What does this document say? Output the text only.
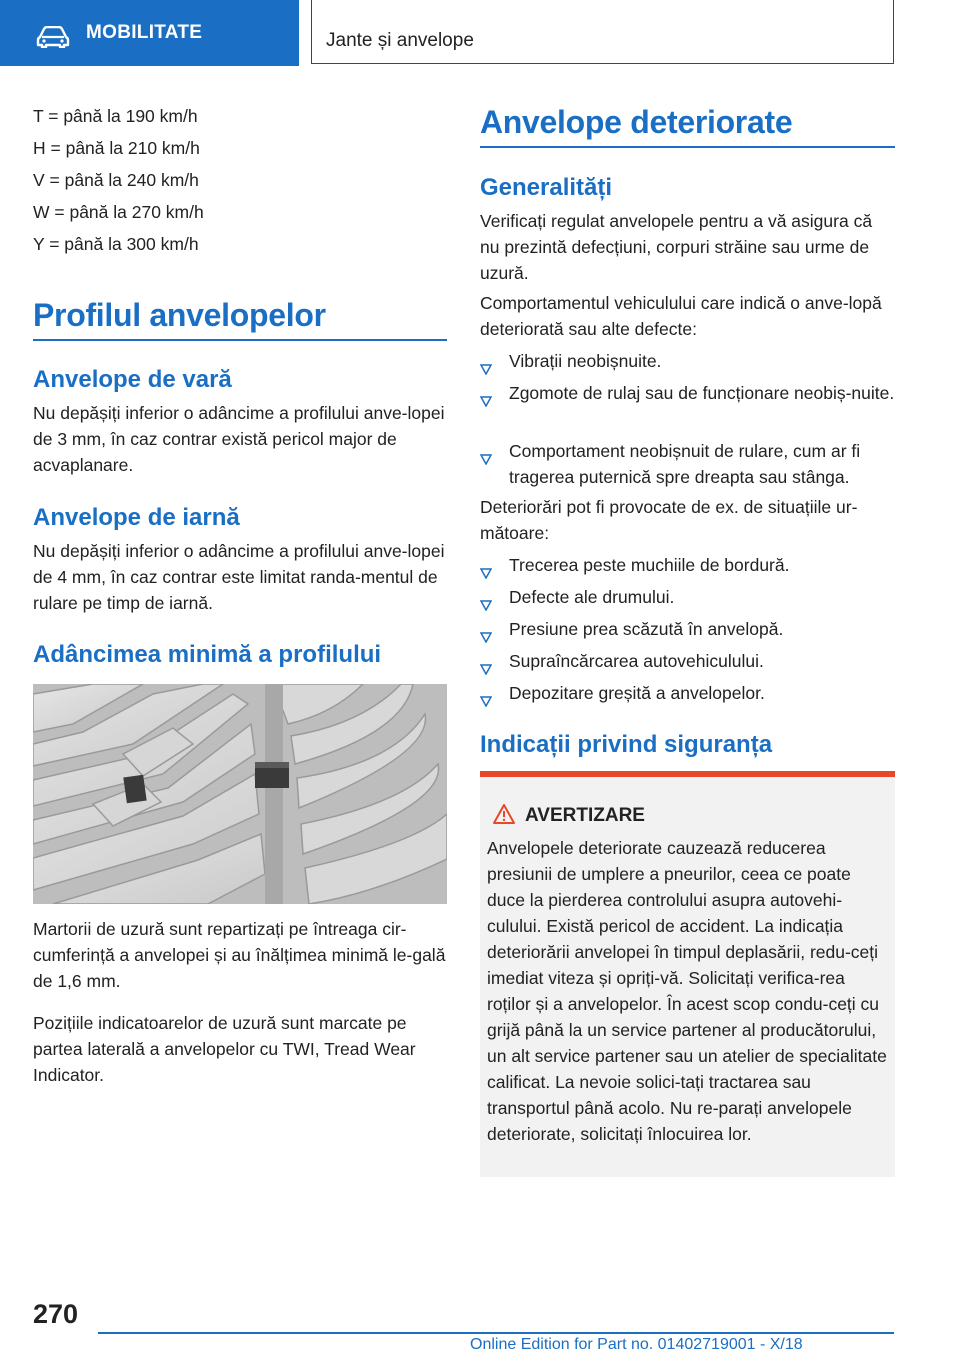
MOBILITATE	Jante și anvelope
T = până la 190 km/h
H = până la 210 km/h
V = până la 240 km/h
W = până la 270 km/h
Y = până la 300 km/h
Profilul anvelopelor
Anvelope de vară

Nu depășiți inferior o adâncime a profilului anve-lopei de 3 mm, în caz contrar există pericol major de acvaplanare.

Anvelope de iarnă

Nu depășiți inferior o adâncime a profilului anve-lopei de 4 mm, în caz contrar este limitat randa-mentul de rulare pe timp de iarnă.

Adâncimea minimă a profilului

Martorii de uzură sunt repartizați pe întreaga cir-cumferință a anvelopei și au înălțimea minimă le-gală de 1,6 mm.

Pozițiile indicatoarelor de uzură sunt marcate pe partea laterală a anvelopelor cu TWI, Tread Wear Indicator.

Anvelope deteriorate
Generalități

Verificați regulat anvelopele pentru a vă asigura că nu prezintă defecțiuni, corpuri străine sau urme de uzură.

Comportamentul vehiculului care indică o anve-lopă deteriorată sau alte defecte:

Vibrații neobișnuite.
Zgomote de rulaj sau de funcționare neobiș-nuite.
Comportament neobișnuit de rulare, cum ar fi tragerea puternică spre dreapta sau stânga.

Deteriorări pot fi provocate de ex. de situațiile ur-mătoare:

Trecerea peste muchiile de bordură.
Defecte ale drumului.
Presiune prea scăzută în anvelopă.
Supraîncărcarea autovehiculului.
Depozitare greșită a anvelopelor.
Indicații privind siguranța
AVERTIZARE

Anvelopele deteriorate cauzează reducerea presiunii de umplere a pneurilor, ceea ce poate duce la pierderea controlului asupra autovehi-culului. Există pericol de accident. La indicația deteriorării anvelopei în timpul deplasării, redu-ceți imediat viteza și opriți-vă. Solicitați verifica-rea roților și a anvelopelor. În acest scop condu-ceți cu grijă până la un service partener al producătorului, un alt service partener sau un atelier de specialitate calificat. La nevoie solici-tați tractarea sau transportul până acolo. Nu re-parați anvelopele deteriorate, solicitați înlocuirea lor.

270
Online Edition for Part no. 01402719001 - X/18
